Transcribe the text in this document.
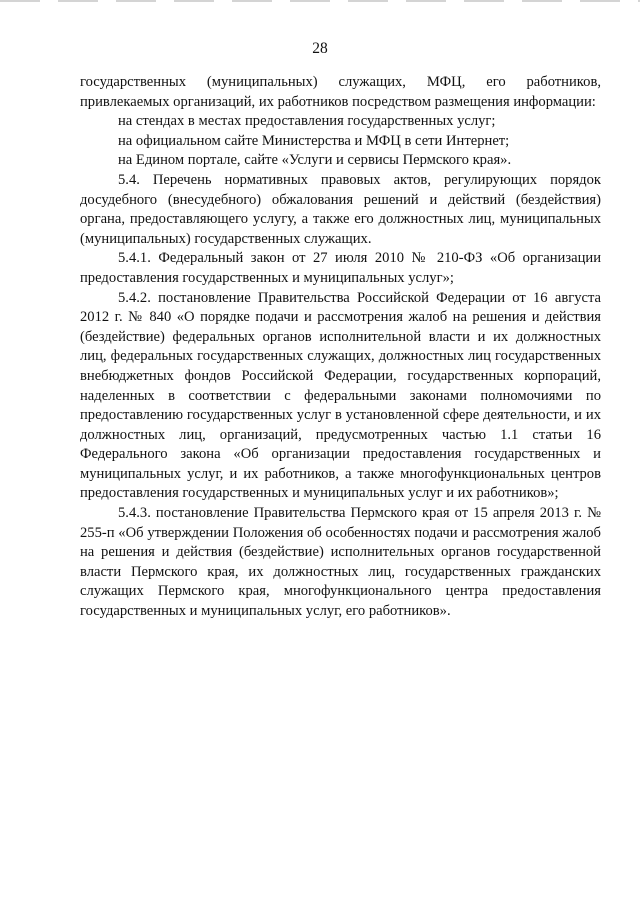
28

государственных (муниципальных) служащих, МФЦ, его работников, привлекаемых организаций, их работников посредством размещения информации:

на стендах в местах предоставления государственных услуг;

на официальном сайте Министерства и МФЦ в сети Интернет;

на Едином портале, сайте «Услуги и сервисы Пермского края».

5.4. Перечень нормативных правовых актов, регулирующих порядок досудебного (внесудебного) обжалования решений и действий (бездействия) органа, предоставляющего услугу, а также его должностных лиц, муниципальных (муниципальных) государственных служащих.

5.4.1. Федеральный закон от 27 июля 2010 № 210-ФЗ «Об организации предоставления государственных и муниципальных услуг»;

5.4.2. постановление Правительства Российской Федерации от 16 августа 2012 г. № 840 «О порядке подачи и рассмотрения жалоб на решения и действия (бездействие) федеральных органов исполнительной власти и их должностных лиц, федеральных государственных служащих, должностных лиц государственных внебюджетных фондов Российской Федерации, государственных корпораций, наделенных в соответствии с федеральными законами полномочиями по предоставлению государственных услуг в установленной сфере деятельности, и их должностных лиц, организаций, предусмотренных частью 1.1 статьи 16 Федерального закона «Об организации предоставления государственных и муниципальных услуг, и их работников, а также многофункциональных центров предоставления государственных и муниципальных услуг и их работников»;

5.4.3. постановление Правительства Пермского края от 15 апреля 2013 г. № 255-п «Об утверждении Положения об особенностях подачи и рассмотрения жалоб на решения и действия (бездействие) исполнительных органов государственной власти Пермского края, их должностных лиц, государственных гражданских служащих Пермского края, многофункционального центра предоставления государственных и муниципальных услуг, его работников».
